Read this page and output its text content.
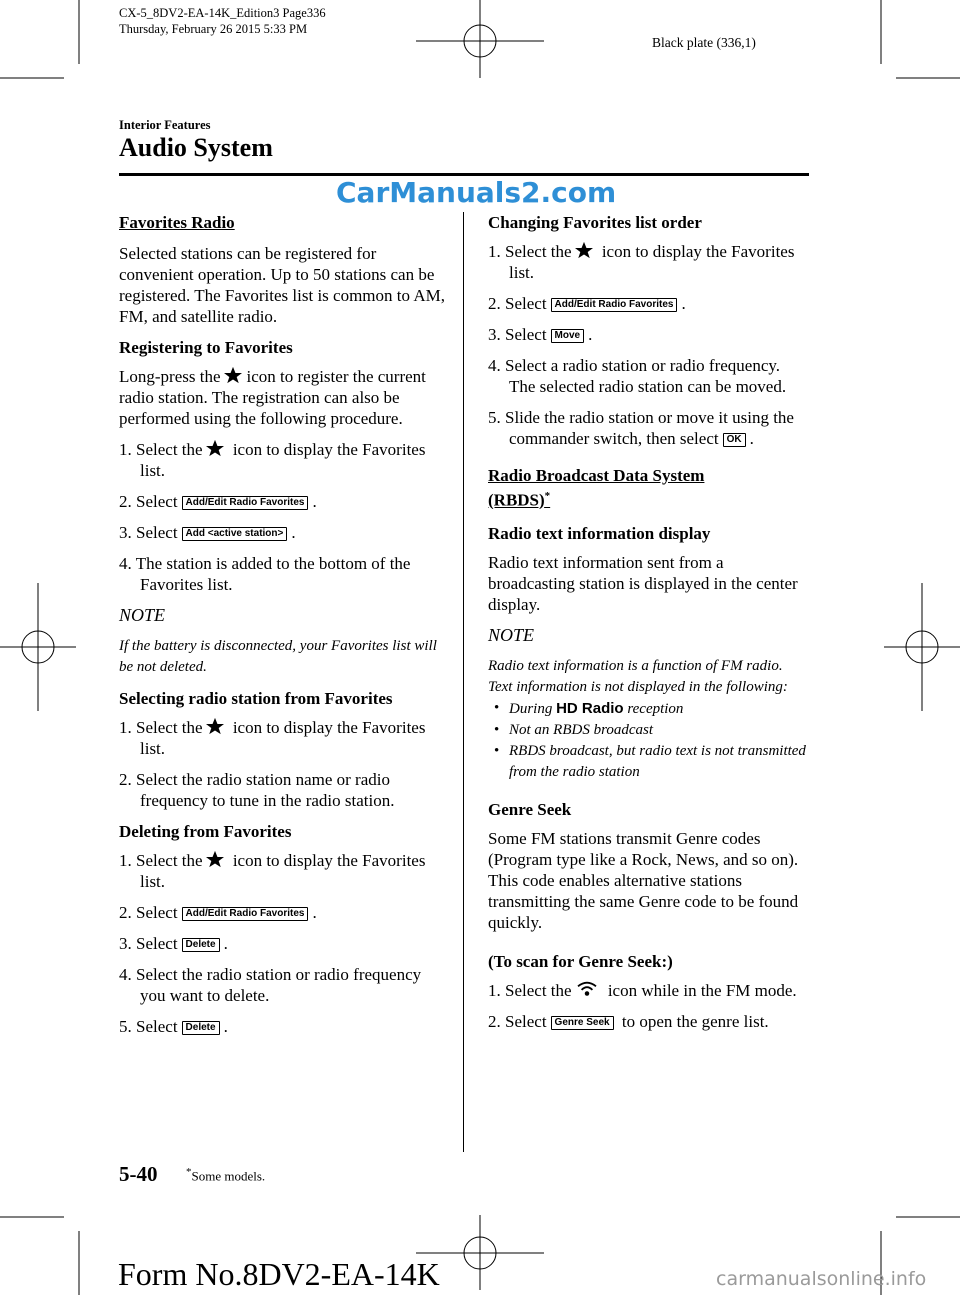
CX-5_8DV2-EA-14K_Edition3 Page336
Thursday, February 26 2015 5:33 PM
Black plate (336,1)
Interior Features
Audio System
CarManuals2.com

Favorites Radio

Selected stations can be registered for convenient operation. Up to 50 stations can be registered. The Favorites list is common to AM, FM, and satellite radio.

Registering to Favorites

Long-press the icon to register the current radio station. The registration can also be performed using the following procedure.

1. Select the icon to display the Favorites list.
2. Select Add/Edit Radio Favorites .
3. Select Add <active station> .
4. The station is added to the bottom of the Favorites list.

NOTE

If the battery is disconnected, your Favorites list will be not deleted.

Selecting radio station from Favorites

1. Select the icon to display the Favorites list.
2. Select the radio station name or radio frequency to tune in the radio station.

Deleting from Favorites

1. Select the icon to display the Favorites list.
2. Select Add/Edit Radio Favorites .
3. Select Delete .
4. Select the radio station or radio frequency you want to delete.
5. Select Delete .

Changing Favorites list order

1. Select the icon to display the Favorites list.
2. Select Add/Edit Radio Favorites .
3. Select Move .
4. Select a radio station or radio frequency. The selected radio station can be moved.
5. Slide the radio station or move it using the commander switch, then select OK .

Radio Broadcast Data System
(RBDS)*

Radio text information display

Radio text information sent from a broadcasting station is displayed in the center display.

NOTE

Radio text information is a function of FM radio. Text information is not displayed in the following:

• During HD Radio reception
• Not an RBDS broadcast
• RBDS broadcast, but radio text is not transmitted from the radio station

Genre Seek

Some FM stations transmit Genre codes (Program type like a Rock, News, and so on). This code enables alternative stations transmitting the same Genre code to be found quickly.

(To scan for Genre Seek:)

1. Select the icon while in the FM mode.
2. Select Genre Seek to open the genre list.
5-40	*Some models.
Form No.8DV2-EA-14K	carmanualsonline.info
